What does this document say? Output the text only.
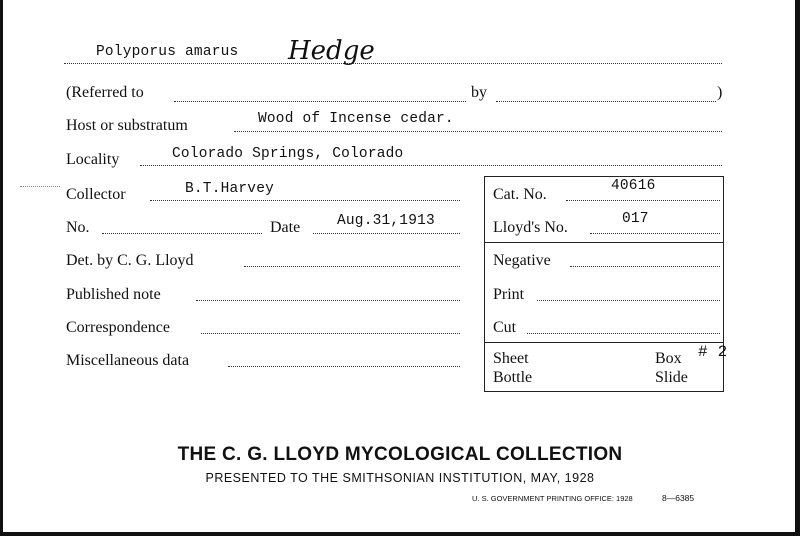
Polyporus amarus Hedge
(Referred to	by	)
Host or substratum	Wood of Incense cedar.
Locality	Colorado Springs, Colorado
Collector	B.T.Harvey
No.	Date	Aug.31,1913
Det. by C. G. Lloyd
Published note
Correspondence
Miscellaneous data
Cat. No.	40616
Lloyd's No.	017
Negative
Print
Cut
Sheet	Box # 2
Bottle	Slide
THE C. G. LLOYD MYCOLOGICAL COLLECTION
PRESENTED TO THE SMITHSONIAN INSTITUTION, MAY, 1928
U. S. GOVERNMENT PRINTING OFFICE: 1928	8—6385
